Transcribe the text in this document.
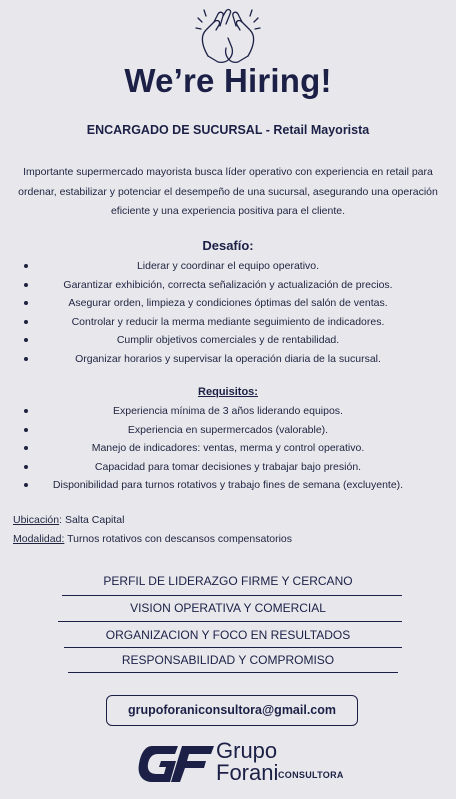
We’re Hiring!
ENCARGADO DE SUCURSAL - Retail Mayorista
Importante supermercado mayorista busca líder operativo con experiencia en retail para ordenar, estabilizar y potenciar el desempeño de una sucursal, asegurando una operación eficiente y una experiencia positiva para el cliente.
Desafío:
Liderar y coordinar el equipo operativo.
Garantizar exhibición, correcta señalización y actualización de precios.
Asegurar orden, limpieza y condiciones óptimas del salón de ventas.
Controlar y reducir la merma mediante seguimiento de indicadores.
Cumplir objetivos comerciales y de rentabilidad.
Organizar horarios y supervisar la operación diaria de la sucursal.
Requisitos:
Experiencia mínima de 3 años liderando equipos.
Experiencia en supermercados (valorable).
Manejo de indicadores: ventas, merma y control operativo.
Capacidad para tomar decisiones y trabajar bajo presión.
Disponibilidad para turnos rotativos y trabajo fines de semana (excluyente).
Ubicación: Salta Capital
Modalidad: Turnos rotativos con descansos compensatorios
PERFIL DE LIDERAZGO FIRME Y CERCANO
VISION OPERATIVA Y COMERCIAL
ORGANIZACION Y FOCO EN RESULTADOS
RESPONSABILIDAD Y COMPROMISO
grupoforaniconsultora@gmail.com
Grupo
Forani CONSULTORA
